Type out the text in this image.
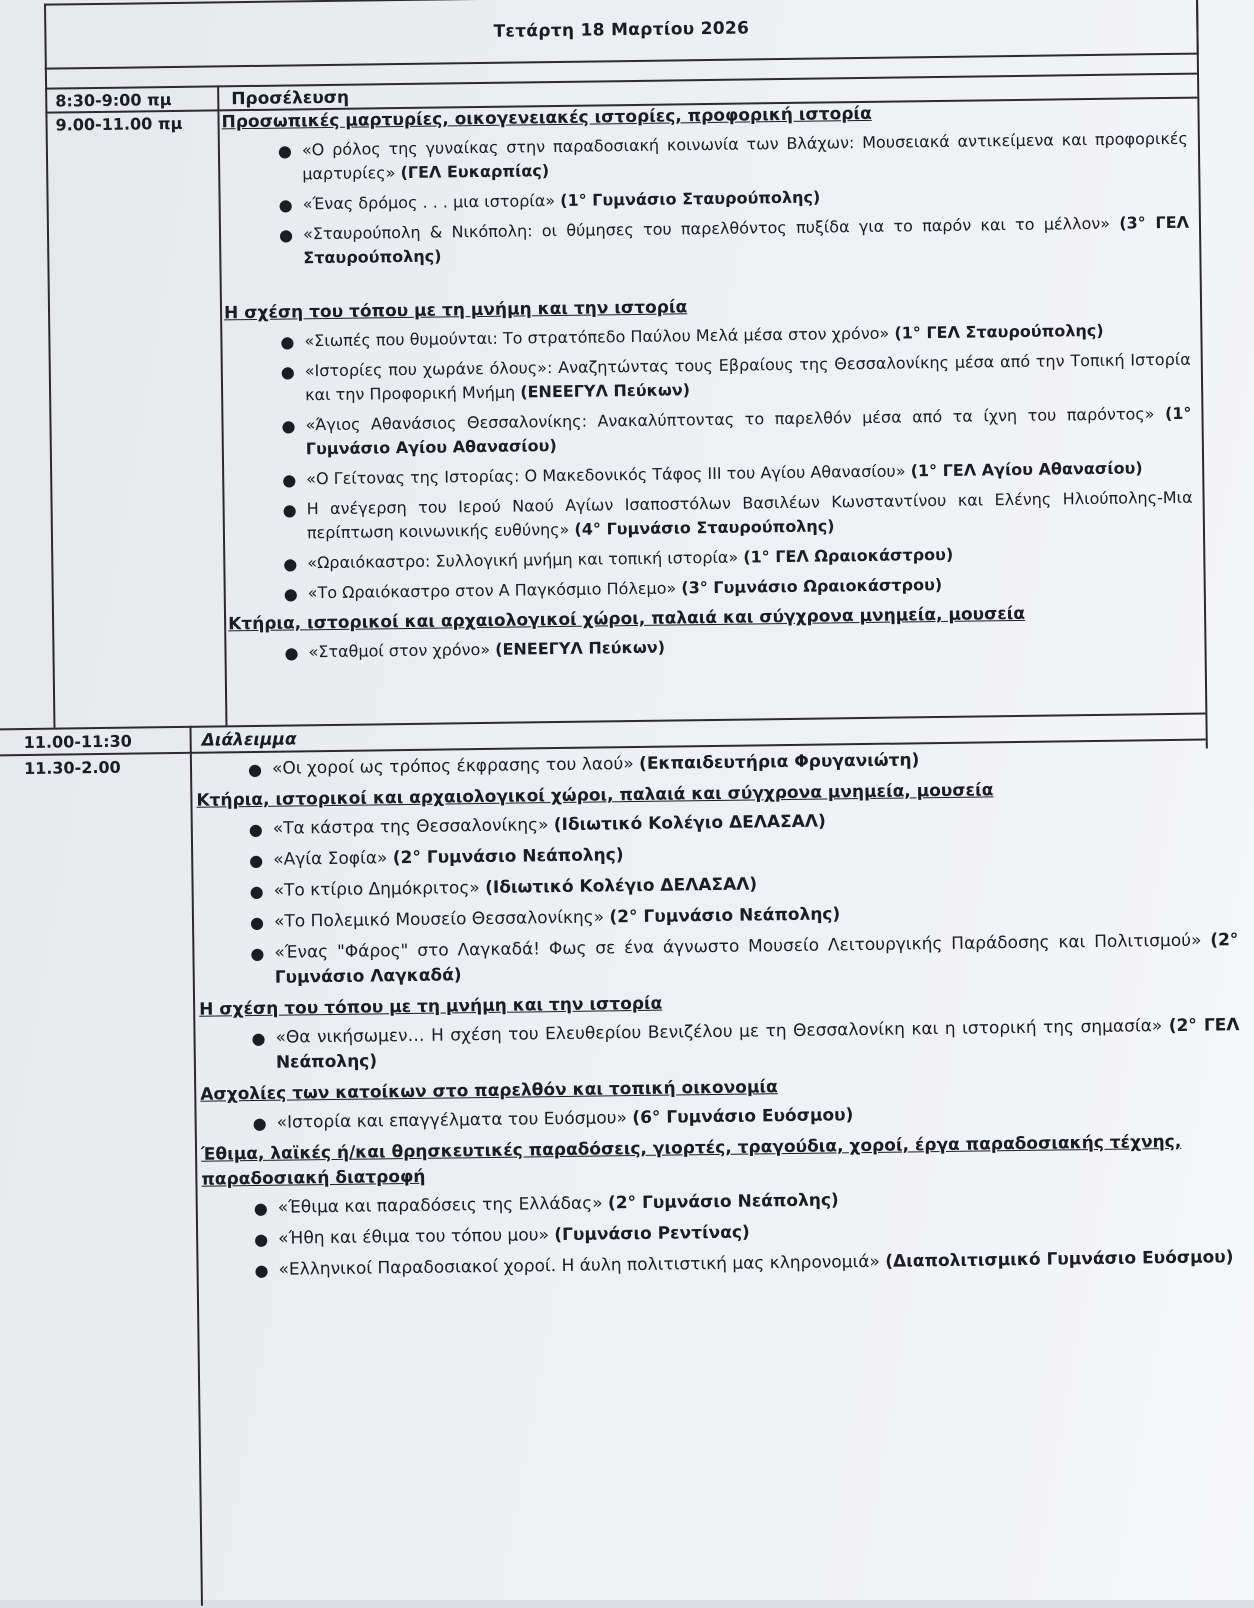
Τετάρτη 18 Μαρτίου 2026
8:30-9:00 πμ
9.00-11.00 πμ
11.00-11:30
11.30-2.00
Προσέλευση

Προσωπικές μαρτυρίες, οικογενειακές ιστορίες, προφορική ιστορία

● «Ο ρόλος της γυναίκας στην παραδοσιακή κοινωνία των Βλάχων: Μουσειακά αντικείμενα και προφορικές μαρτυρίες» (ΓΕΛ Ευκαρπίας)
● «Ένας δρόμος . . . μια ιστορία» (1° Γυμνάσιο Σταυρούπολης)
● «Σταυρούπολη & Νικόπολη: οι θύμησες του παρελθόντος πυξίδα για το παρόν και το μέλλον» (3° ΓΕΛ Σταυρούπολης)

Η σχέση του τόπου με τη μνήμη και την ιστορία

● «Σιωπές που θυμούνται: Το στρατόπεδο Παύλου Μελά μέσα στον χρόνο» (1° ΓΕΛ Σταυρούπολης)
● «Ιστορίες που χωράνε όλους»: Αναζητώντας τους Εβραίους της Θεσσαλονίκης μέσα από την Τοπική Ιστορία και την Προφορική Μνήμη (ΕΝΕΕΓΥΛ Πεύκων)
● «Άγιος Αθανάσιος Θεσσαλονίκης: Ανακαλύπτοντας το παρελθόν μέσα από τα ίχνη του παρόντος» (1° Γυμνάσιο Αγίου Αθανασίου)
● «Ο Γείτονας της Ιστορίας: Ο Μακεδονικός Τάφος ΙΙΙ του Αγίου Αθανασίου» (1° ΓΕΛ Αγίου Αθανασίου)
● Η ανέγερση του Ιερού Ναού Αγίων Ισαποστόλων Βασιλέων Κωνσταντίνου και Ελένης Ηλιούπολης-Μια περίπτωση κοινωνικής ευθύνης» (4° Γυμνάσιο Σταυρούπολης)
● «Ωραιόκαστρο: Συλλογική μνήμη και τοπική ιστορία» (1° ΓΕΛ Ωραιοκάστρου)
● «Το Ωραιόκαστρο στον Α Παγκόσμιο Πόλεμο» (3° Γυμνάσιο Ωραιοκάστρου)

Κτήρια, ιστορικοί και αρχαιολογικοί χώροι, παλαιά και σύγχρονα μνημεία, μουσεία

● «Σταθμοί στον χρόνο» (ΕΝΕΕΓΥΛ Πεύκων)
Διάλειμμα
● «Οι χοροί ως τρόπος έκφρασης του λαού» (Εκπαιδευτήρια Φρυγανιώτη)

Κτήρια, ιστορικοί και αρχαιολογικοί χώροι, παλαιά και σύγχρονα μνημεία, μουσεία

● «Τα κάστρα της Θεσσαλονίκης» (Ιδιωτικό Κολέγιο ΔΕΛΑΣΑΛ)
● «Αγία Σοφία» (2° Γυμνάσιο Νεάπολης)
● «Το κτίριο Δημόκριτος» (Ιδιωτικό Κολέγιο ΔΕΛΑΣΑΛ)
● «Το Πολεμικό Μουσείο Θεσσαλονίκης» (2° Γυμνάσιο Νεάπολης)
● «Ένας "Φάρος" στο Λαγκαδά! Φως σε ένα άγνωστο Μουσείο Λειτουργικής Παράδοσης και Πολιτισμού» (2° Γυμνάσιο Λαγκαδά)

Η σχέση του τόπου με τη μνήμη και την ιστορία

● «Θα νικήσωμεν… Η σχέση του Ελευθερίου Βενιζέλου με τη Θεσσαλονίκη και η ιστορική της σημασία» (2° ΓΕΛ Νεάπολης)

Ασχολίες των κατοίκων στο παρελθόν και τοπική οικονομία

● «Ιστορία και επαγγέλματα του Ευόσμου» (6° Γυμνάσιο Ευόσμου)

Έθιμα, λαϊκές ή/και θρησκευτικές παραδόσεις, γιορτές, τραγούδια, χοροί, έργα παραδοσιακής τέχνης, παραδοσιακή διατροφή

● «Έθιμα και παραδόσεις της Ελλάδας» (2° Γυμνάσιο Νεάπολης)
● «Ήθη και έθιμα του τόπου μου» (Γυμνάσιο Ρεντίνας)
● «Ελληνικοί Παραδοσιακοί χοροί. Η άυλη πολιτιστική μας κληρονομιά» (Διαπολιτισμικό Γυμνάσιο Ευόσμου)
